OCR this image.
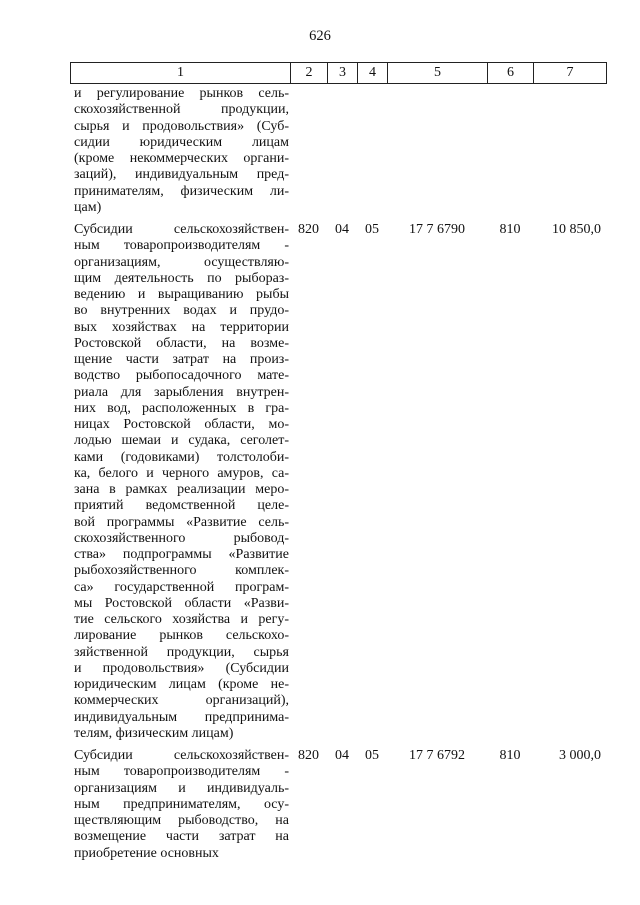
626
1	2	3	4	5	6	7
и регулирование рынков сель-
скохозяйственной продукции,
сырья и продовольствия» (Суб-
сидии юридическим лицам
(кроме некоммерческих органи-
заций), индивидуальным пред-
принимателям, физическим ли-
цам)
Субсидии сельскохозяйствен-
ным товаропроизводителям -
организациям, осуществляю-
щим деятельность по рыборaз-
ведению и выращиванию рыбы
во внутренних водах и прудо-
вых хозяйствах на территории
Ростовской области, на возме-
щение части затрат на произ-
водство рыбопосадочного мате-
риала для зарыбления внутрен-
них вод, расположенных в гра-
ницах Ростовской области, мо-
лодью шемаи и судака, сеголет-
ками (годовиками) толстолоби-
ка, белого и черного амуров, са-
зана в рамках реализации меро-
приятий ведомственной целе-
вой программы «Развитие сель-
скохозяйственного рыбовод-
ства» подпрограммы «Развитие
рыбохозяйственного комплек-
са» государственной програм-
мы Ростовской области «Разви-
тие сельского хозяйства и регу-
лирование рынков сельскохо-
зяйственной продукции, сырья
и продовольствия» (Субсидии
юридическим лицам (кроме не-
коммерческих организаций),
индивидуальным предпринима-
телям, физическим лицам)
820	04	05	17 7 6790	810	10 850,0
Субсидии сельскохозяйствен-
ным товаропроизводителям -
организациям и индивидуаль-
ным предпринимателям, осу-
ществляющим рыбоводство, на
возмещение части затрат на
приобретение основных
820	04	05	17 7 6792	810	3 000,0
